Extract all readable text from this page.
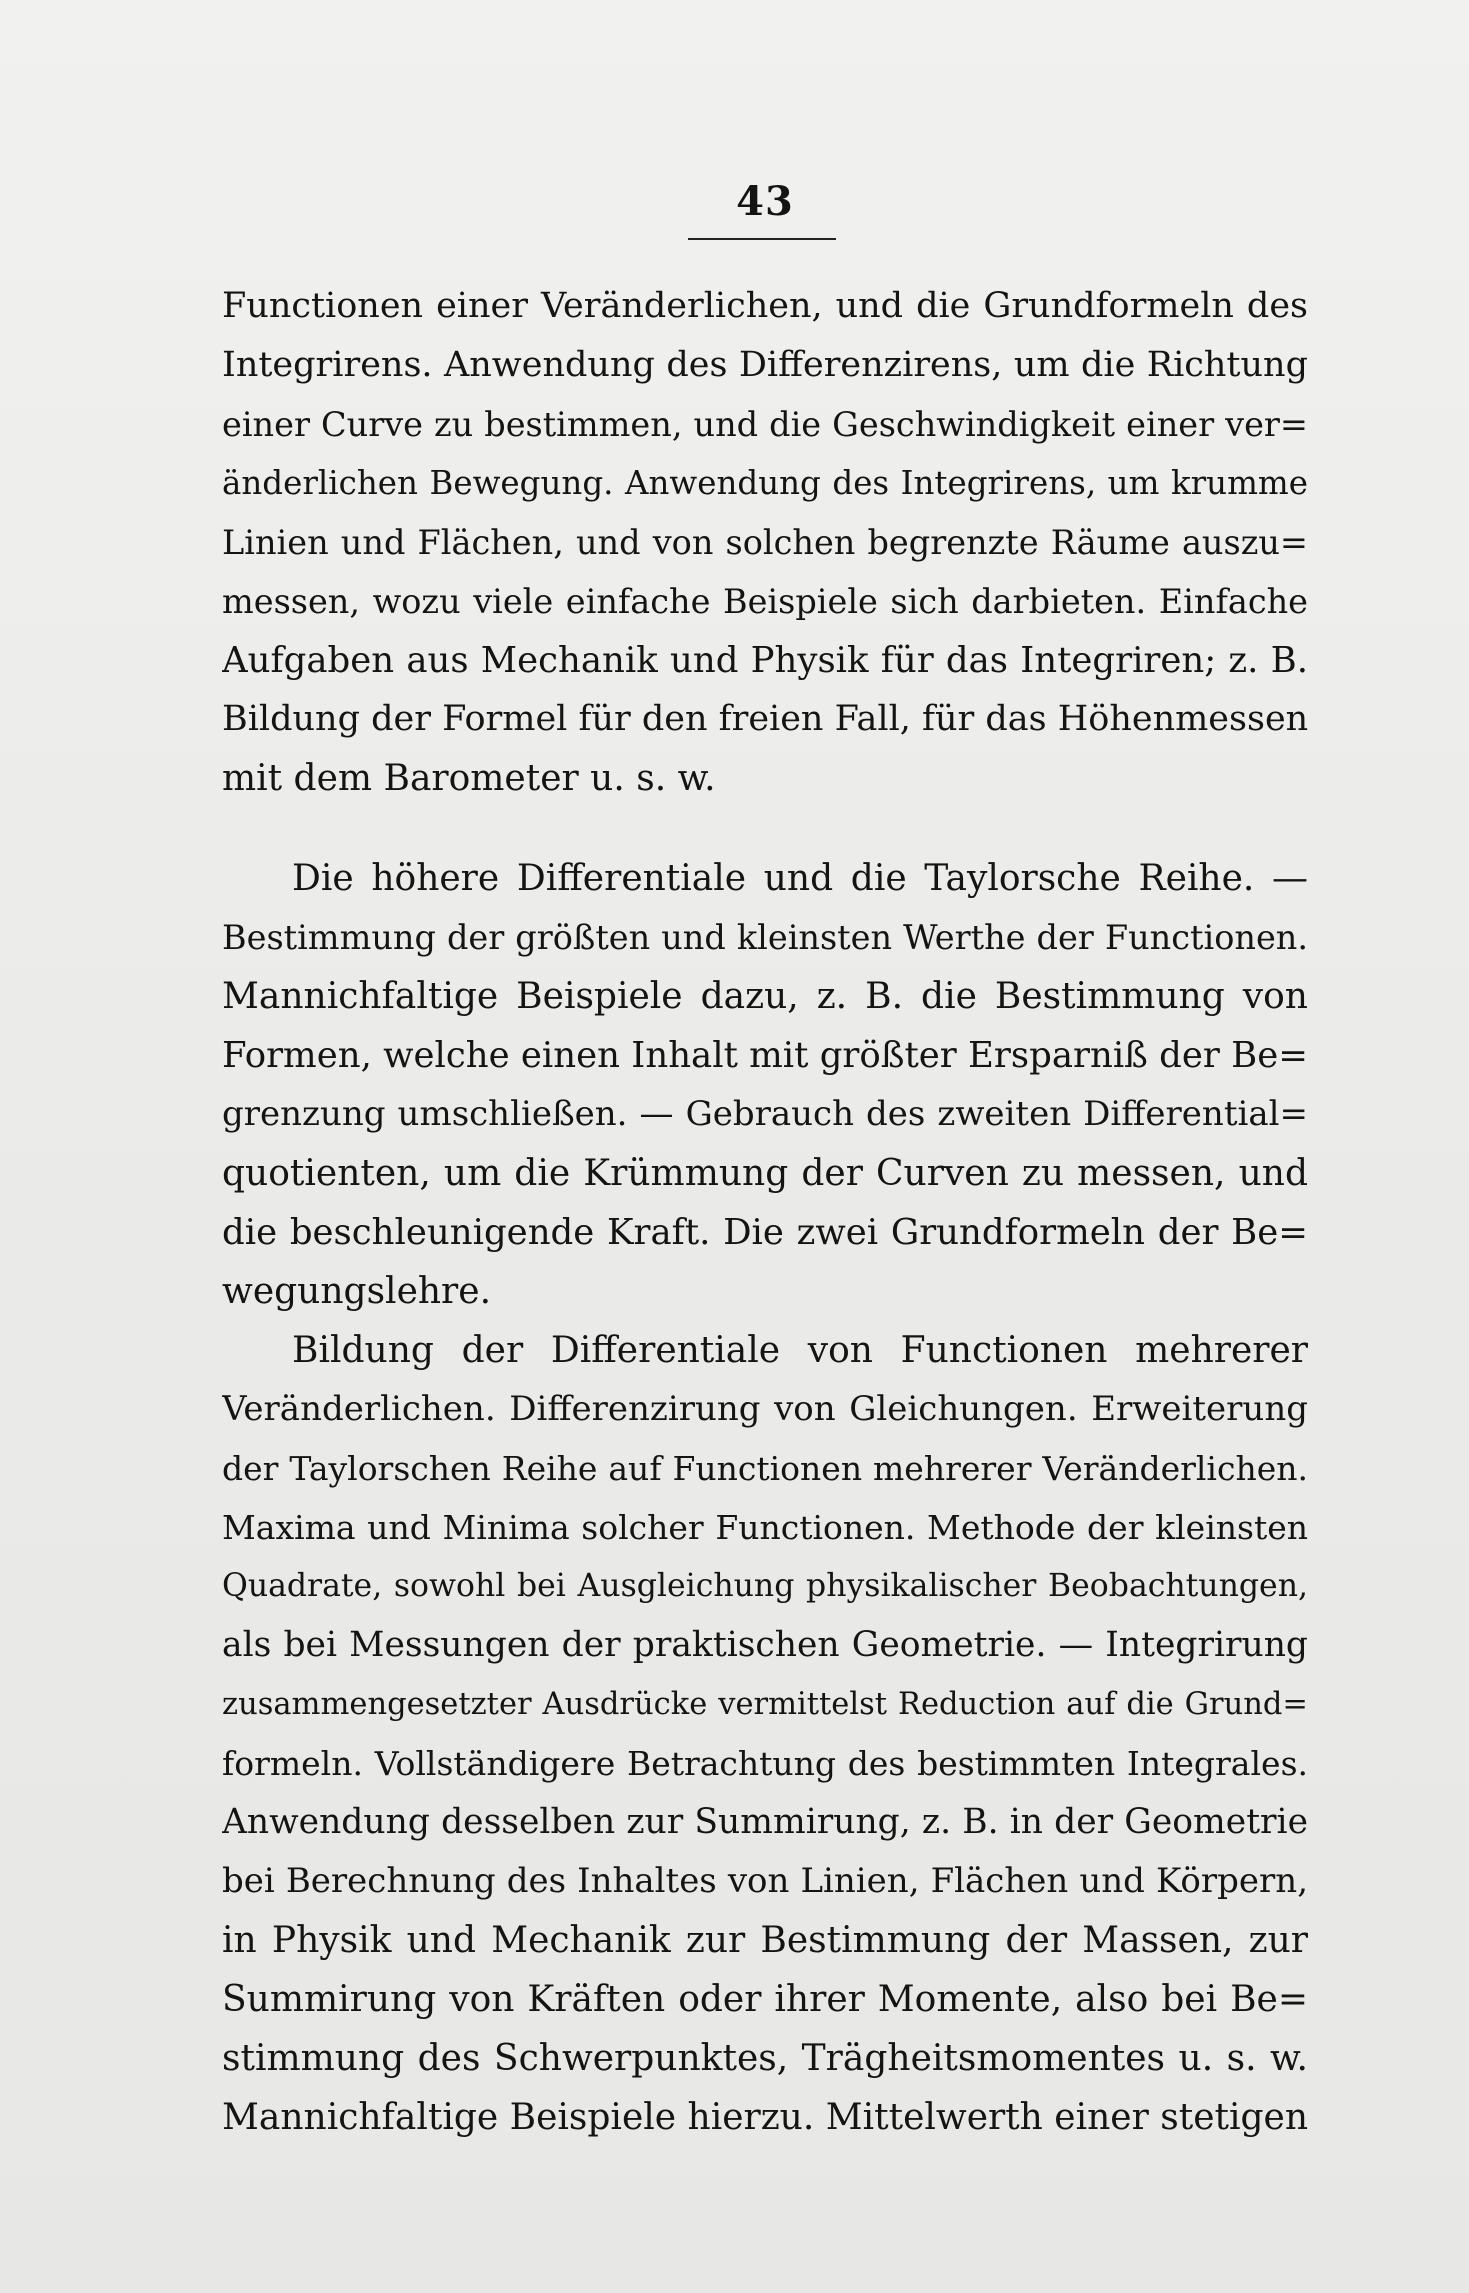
43
Functionen einer Veränderlichen, und die Grundformeln des
Integrirens. Anwendung des Differenzirens, um die Richtung
einer Curve zu bestimmen, und die Geschwindigkeit einer ver=
änderlichen Bewegung. Anwendung des Integrirens, um krumme
Linien und Flächen, und von solchen begrenzte Räume auszu=
messen, wozu viele einfache Beispiele sich darbieten. Einfache
Aufgaben aus Mechanik und Physik für das Integriren; z. B.
Bildung der Formel für den freien Fall, für das Höhenmessen
mit dem Barometer u. s. w.
Die höhere Differentiale und die Taylorsche Reihe. —
Bestimmung der größten und kleinsten Werthe der Functionen.
Mannichfaltige Beispiele dazu, z. B. die Bestimmung von
Formen, welche einen Inhalt mit größter Ersparniß der Be=
grenzung umschließen. — Gebrauch des zweiten Differential=
quotienten, um die Krümmung der Curven zu messen, und
die beschleunigende Kraft. Die zwei Grundformeln der Be=
wegungslehre.
Bildung der Differentiale von Functionen mehrerer
Veränderlichen. Differenzirung von Gleichungen. Erweiterung
der Taylorschen Reihe auf Functionen mehrerer Veränderlichen.
Maxima und Minima solcher Functionen. Methode der kleinsten
Quadrate, sowohl bei Ausgleichung physikalischer Beobachtungen,
als bei Messungen der praktischen Geometrie. — Integrirung
zusammengesetzter Ausdrücke vermittelst Reduction auf die Grund=
formeln. Vollständigere Betrachtung des bestimmten Integrales.
Anwendung desselben zur Summirung, z. B. in der Geometrie
bei Berechnung des Inhaltes von Linien, Flächen und Körpern,
in Physik und Mechanik zur Bestimmung der Massen, zur
Summirung von Kräften oder ihrer Momente, also bei Be=
stimmung des Schwerpunktes, Trägheitsmomentes u. s. w.
Mannichfaltige Beispiele hierzu. Mittelwerth einer stetigen
